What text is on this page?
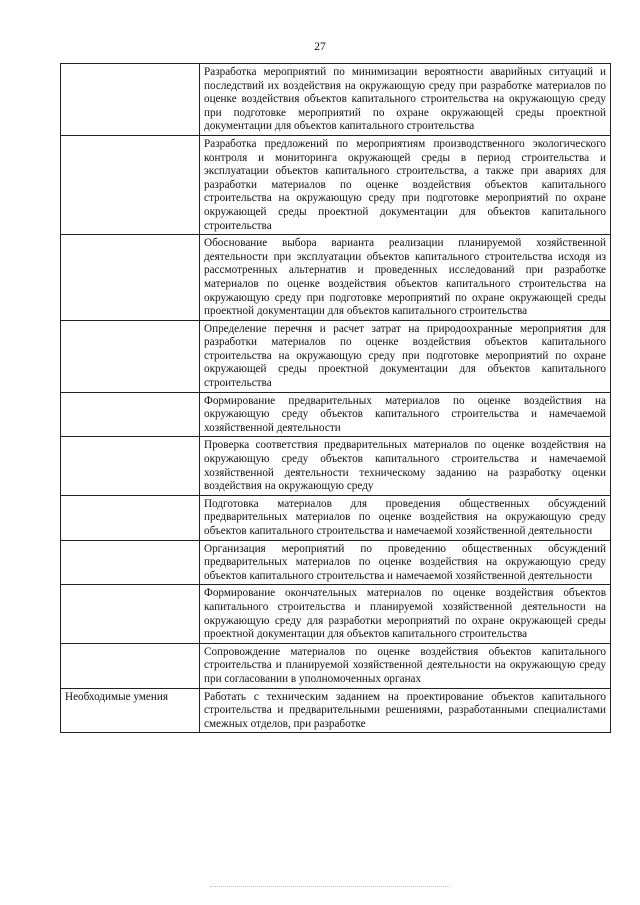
27

	Разработка мероприятий по минимизации вероятности аварийных ситуаций и последствий их воздействия на окружающую среду при разработке материалов по оценке воздействия объектов капитального строительства на окружающую среду при подготовке мероприятий по охране окружающей среды проектной документации для объектов капитального строительства

	Разработка предложений по мероприятиям производственного экологического контроля и мониторинга окружающей среды в период строительства и эксплуатации объектов капитального строительства, а также при авариях для разработки материалов по оценке воздействия объектов капитального строительства на окружающую среду при подготовке мероприятий по охране окружающей среды проектной документации для объектов капитального строительства

	Обоснование выбора варианта реализации планируемой хозяйственной деятельности при эксплуатации объектов капитального строительства исходя из рассмотренных альтернатив и проведенных исследований при разработке материалов по оценке воздействия объектов капитального строительства на окружающую среду при подготовке мероприятий по охране окружающей среды проектной документации для объектов капитального строительства

	Определение перечня и расчет затрат на природоохранные мероприятия для разработки материалов по оценке воздействия объектов капитального строительства на окружающую среду при подготовке мероприятий по охране окружающей среды проектной документации для объектов капитального строительства

	Формирование предварительных материалов по оценке воздействия на окружающую среду объектов капитального строительства и намечаемой хозяйственной деятельности

	Проверка соответствия предварительных материалов по оценке воздействия на окружающую среду объектов капитального строительства и намечаемой хозяйственной деятельности техническому заданию на разработку оценки воздействия на окружающую среду

	Подготовка материалов для проведения общественных обсуждений предварительных материалов по оценке воздействия на окружающую среду объектов капитального строительства и намечаемой хозяйственной деятельности

	Организация мероприятий по проведению общественных обсуждений предварительных материалов по оценке воздействия на окружающую среду объектов капитального строительства и намечаемой хозяйственной деятельности

	Формирование окончательных материалов по оценке воздействия объектов капитального строительства и планируемой хозяйственной деятельности на окружающую среду для разработки мероприятий по охране окружающей среды проектной документации для объектов капитального строительства

	Сопровождение материалов по оценке воздействия объектов капитального строительства и планируемой хозяйственной деятельности на окружающую среду при согласовании в уполномоченных органах

Необходимые умения	Работать с техническим заданием на проектирование объектов капитального строительства и предварительными решениями, разработанными специалистами смежных отделов, при разработке
